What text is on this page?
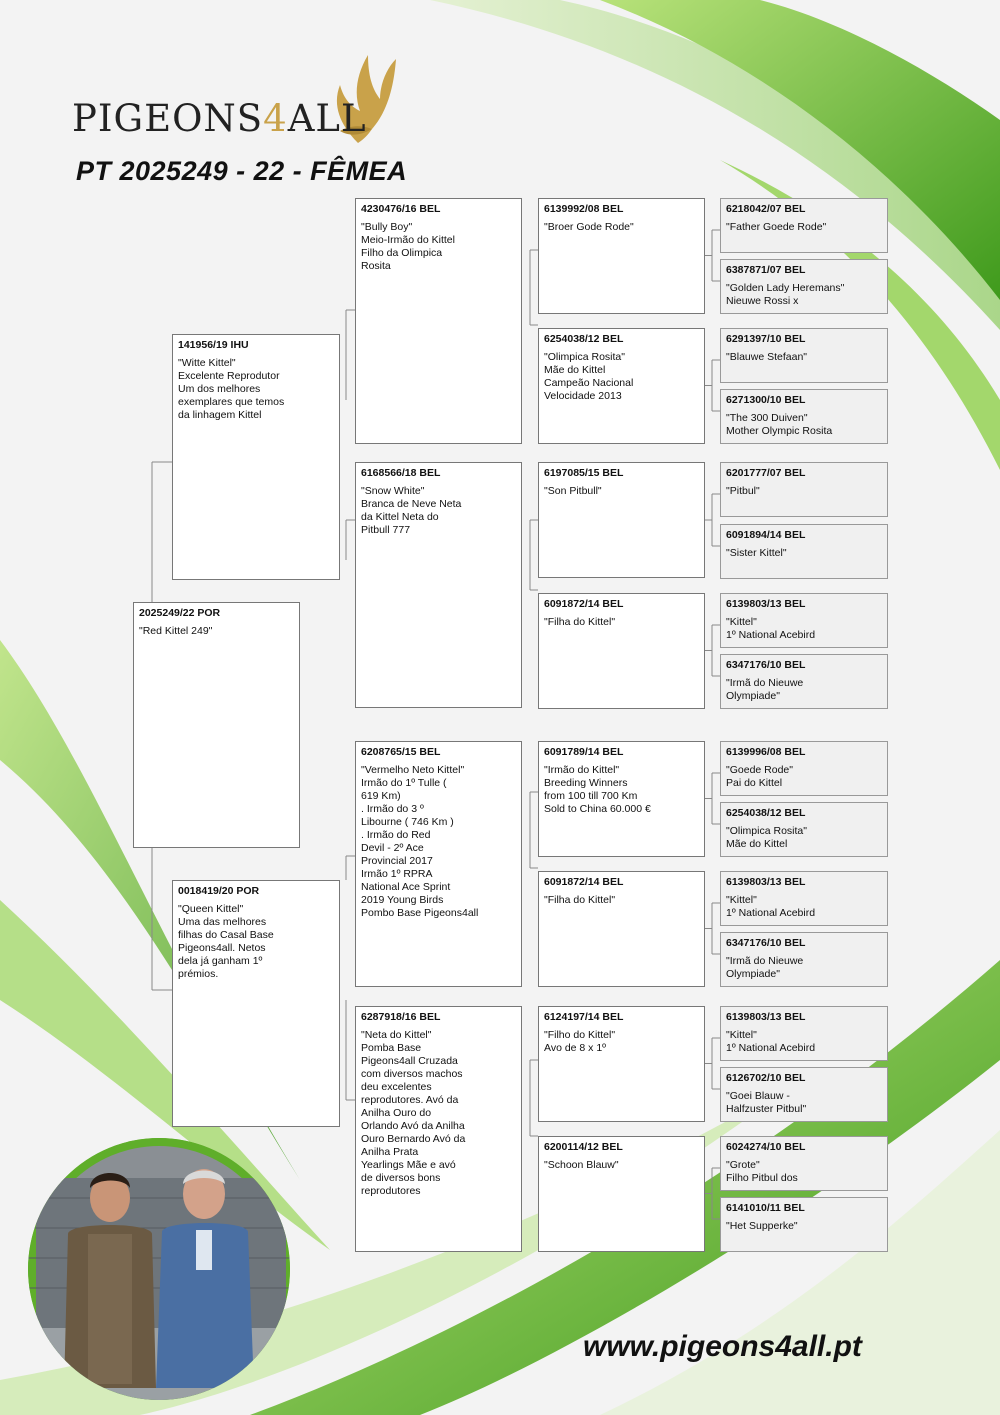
PIGEONS4ALL
PT 2025249 - 22 - FÊMEA
2025249/22 POR
"Red Kittel 249"
141956/19 IHU
"Witte Kittel"
Excelente Reprodutor
Um dos melhores
exemplares que temos
da linhagem Kittel
0018419/20 POR
"Queen Kittel"
Uma das melhores
filhas do Casal Base
Pigeons4all. Netos
dela já ganham 1º
prémios.
4230476/16 BEL
"Bully Boy"
Meio-Irmão do Kittel
Filho da Olimpica
Rosita
6168566/18 BEL
"Snow White"
Branca de Neve Neta
da Kittel Neta do
Pitbull 777
6208765/15 BEL
"Vermelho Neto Kittel"
Irmão do 1º Tulle (
619 Km)
. Irmão do 3 º
Libourne ( 746 Km )
. Irmão do Red
Devil - 2º Ace
Provincial 2017
Irmão 1º RPRA
National Ace Sprint
2019 Young Birds
Pombo Base Pigeons4all
6287918/16 BEL
"Neta do Kittel"
Pomba Base
Pigeons4all Cruzada
com diversos machos
deu excelentes
reprodutores. Avó da
Anilha Ouro do
Orlando Avó da Anilha
Ouro Bernardo Avó da
Anilha Prata
Yearlings Mãe e avó
de diversos bons
reprodutores
6139992/08 BEL
"Broer Gode Rode"
6254038/12 BEL
"Olimpica Rosita"
Mãe do Kittel
Campeão Nacional
Velocidade 2013
6197085/15 BEL
"Son Pitbull"
6091872/14 BEL
"Filha do Kittel"
6091789/14 BEL
"Irmão do Kittel"
Breeding Winners
from 100 till 700 Km
Sold to China 60.000 €
6091872/14 BEL
"Filha do Kittel"
6124197/14 BEL
"Filho do Kittel"
Avo de 8 x 1º
6200114/12 BEL
"Schoon Blauw"
6218042/07 BEL
"Father Goede Rode"
6387871/07 BEL
"Golden Lady Heremans"
Nieuwe Rossi x
6291397/10 BEL
"Blauwe Stefaan"
6271300/10 BEL
"The 300 Duiven"
Mother Olympic Rosita
6201777/07 BEL
"Pitbul"
6091894/14 BEL
"Sister Kittel"
6139803/13 BEL
"Kittel"
1º National Acebird
6347176/10 BEL
"Irmã do Nieuwe
Olympiade"
6139996/08 BEL
"Goede Rode"
Pai do Kittel
6254038/12 BEL
"Olimpica Rosita"
Mãe do Kittel
6139803/13 BEL
"Kittel"
1º National Acebird
6347176/10 BEL
"Irmã do Nieuwe
Olympiade"
6139803/13 BEL
"Kittel"
1º National Acebird
6126702/10 BEL
"Goei Blauw -
Halfzuster Pitbul"
6024274/10 BEL
"Grote"
Filho Pitbul dos
6141010/11 BEL
"Het Supperke"
www.pigeons4all.pt
